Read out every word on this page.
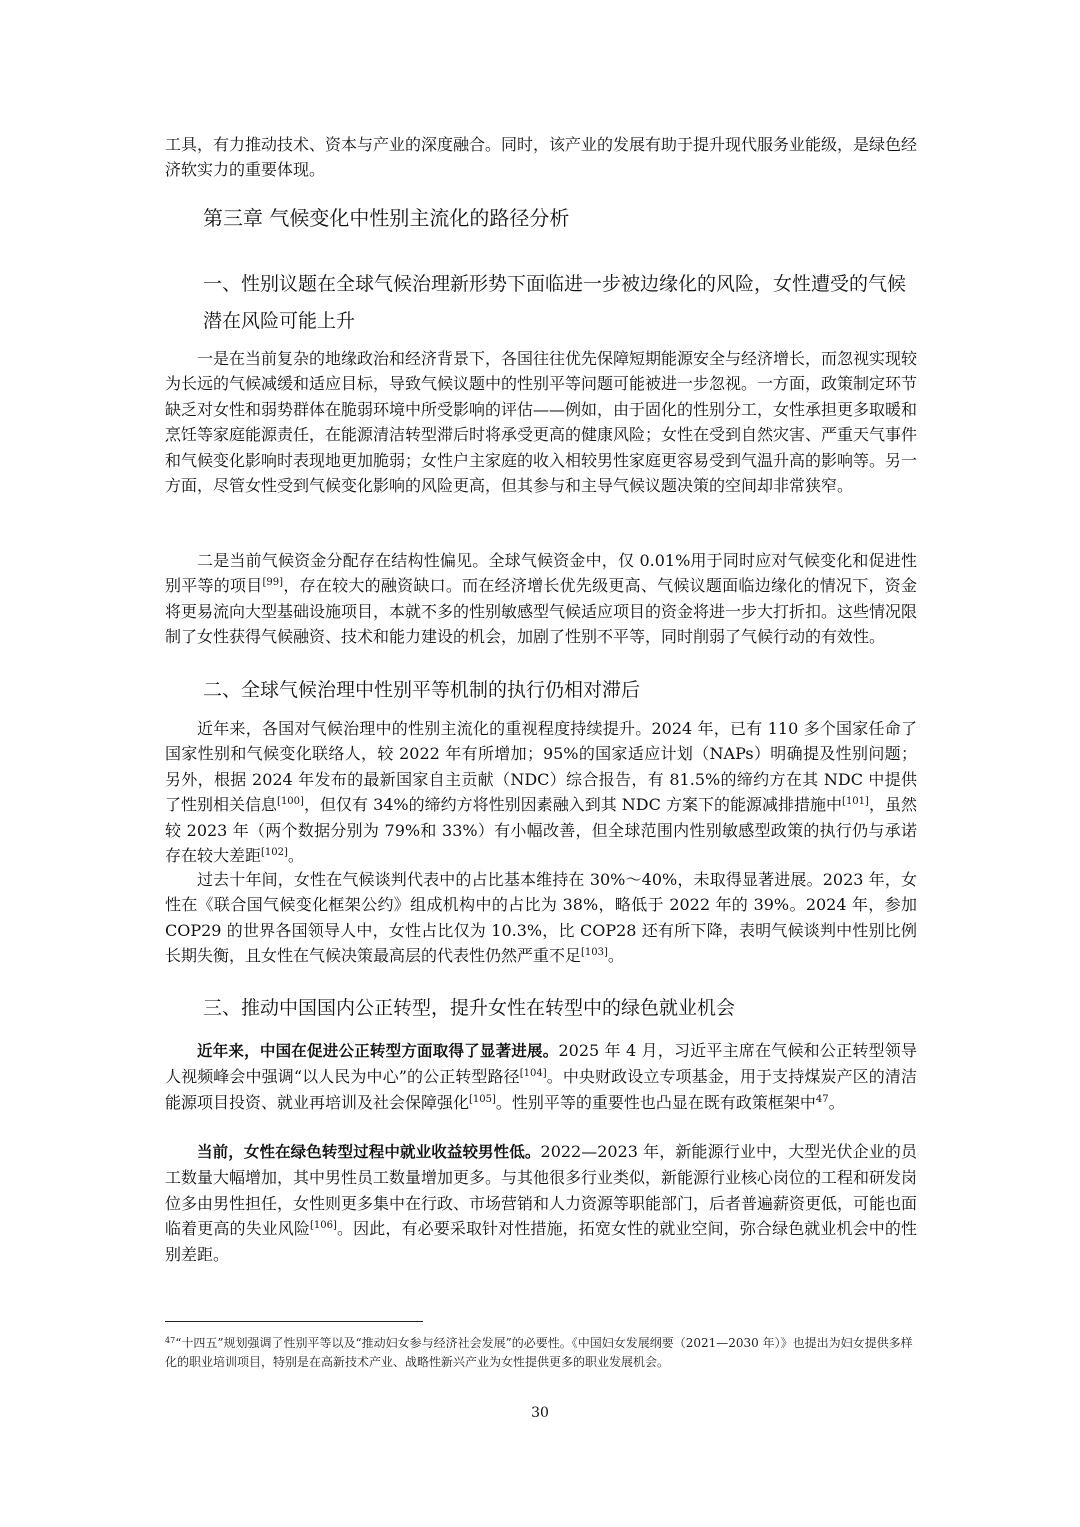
工具，有力推动技术、资本与产业的深度融合。同时，该产业的发展有助于提升现代服务业能级，是绿色经济软实力的重要体现。

第三章 气候变化中性别主流化的路径分析
一、性别议题在全球气候治理新形势下面临进一步被边缘化的风险，女性遭受的气候潜在风险可能上升

一是在当前复杂的地缘政治和经济背景下，各国往往优先保障短期能源安全与经济增长，而忽视实现较为长远的气候减缓和适应目标，导致气候议题中的性别平等问题可能被进一步忽视。一方面，政策制定环节缺乏对女性和弱势群体在脆弱环境中所受影响的评估——例如，由于固化的性别分工，女性承担更多取暖和烹饪等家庭能源责任，在能源清洁转型滞后时将承受更高的健康风险；女性在受到自然灾害、严重天气事件和气候变化影响时表现地更加脆弱；女性户主家庭的收入相较男性家庭更容易受到气温升高的影响等。另一方面，尽管女性受到气候变化影响的风险更高，但其参与和主导气候议题决策的空间却非常狭窄。

二是当前气候资金分配存在结构性偏见。全球气候资金中，仅 0.01%用于同时应对气候变化和促进性别平等的项目[99]，存在较大的融资缺口。而在经济增长优先级更高、气候议题面临边缘化的情况下，资金将更易流向大型基础设施项目，本就不多的性别敏感型气候适应项目的资金将进一步大打折扣。这些情况限制了女性获得气候融资、技术和能力建设的机会，加剧了性别不平等，同时削弱了气候行动的有效性。

二、全球气候治理中性别平等机制的执行仍相对滞后

近年来，各国对气候治理中的性别主流化的重视程度持续提升。2024 年，已有 110 多个国家任命了国家性别和气候变化联络人，较 2022 年有所增加；95%的国家适应计划（NAPs）明确提及性别问题；另外，根据 2024 年发布的最新国家自主贡献（NDC）综合报告，有 81.5%的缔约方在其 NDC 中提供了性别相关信息[100]，但仅有 34%的缔约方将性别因素融入到其 NDC 方案下的能源减排措施中[101]，虽然较 2023 年（两个数据分别为 79%和 33%）有小幅改善，但全球范围内性别敏感型政策的执行仍与承诺存在较大差距[102]。

过去十年间，女性在气候谈判代表中的占比基本维持在 30%～40%，未取得显著进展。2023 年，女性在《联合国气候变化框架公约》组成机构中的占比为 38%，略低于 2022 年的 39%。2024 年，参加 COP29 的世界各国领导人中，女性占比仅为 10.3%，比 COP28 还有所下降，表明气候谈判中性别比例长期失衡，且女性在气候决策最高层的代表性仍然严重不足[103]。

三、推动中国国内公正转型，提升女性在转型中的绿色就业机会

近年来，中国在促进公正转型方面取得了显著进展。2025 年 4 月，习近平主席在气候和公正转型领导人视频峰会中强调“以人民为中心”的公正转型路径[104]。中央财政设立专项基金，用于支持煤炭产区的清洁能源项目投资、就业再培训及社会保障强化[105]。性别平等的重要性也凸显在既有政策框架中$^{47}$。

当前，女性在绿色转型过程中就业收益较男性低。2022—2023 年，新能源行业中，大型光伏企业的员工数量大幅增加，其中男性员工数量增加更多。与其他很多行业类似，新能源行业核心岗位的工程和研发岗位多由男性担任，女性则更多集中在行政、市场营销和人力资源等职能部门，后者普遍薪资更低，可能也面临着更高的失业风险[106]。因此，有必要采取针对性措施，拓宽女性的就业空间，弥合绿色就业机会中的性别差距。

$^{47}$“十四五”规划强调了性别平等以及“推动妇女参与经济社会发展”的必要性。《中国妇女发展纲要（2021—2030 年）》也提出为妇女提供多样化的职业培训项目，特别是在高新技术产业、战略性新兴产业为女性提供更多的职业发展机会。

30
